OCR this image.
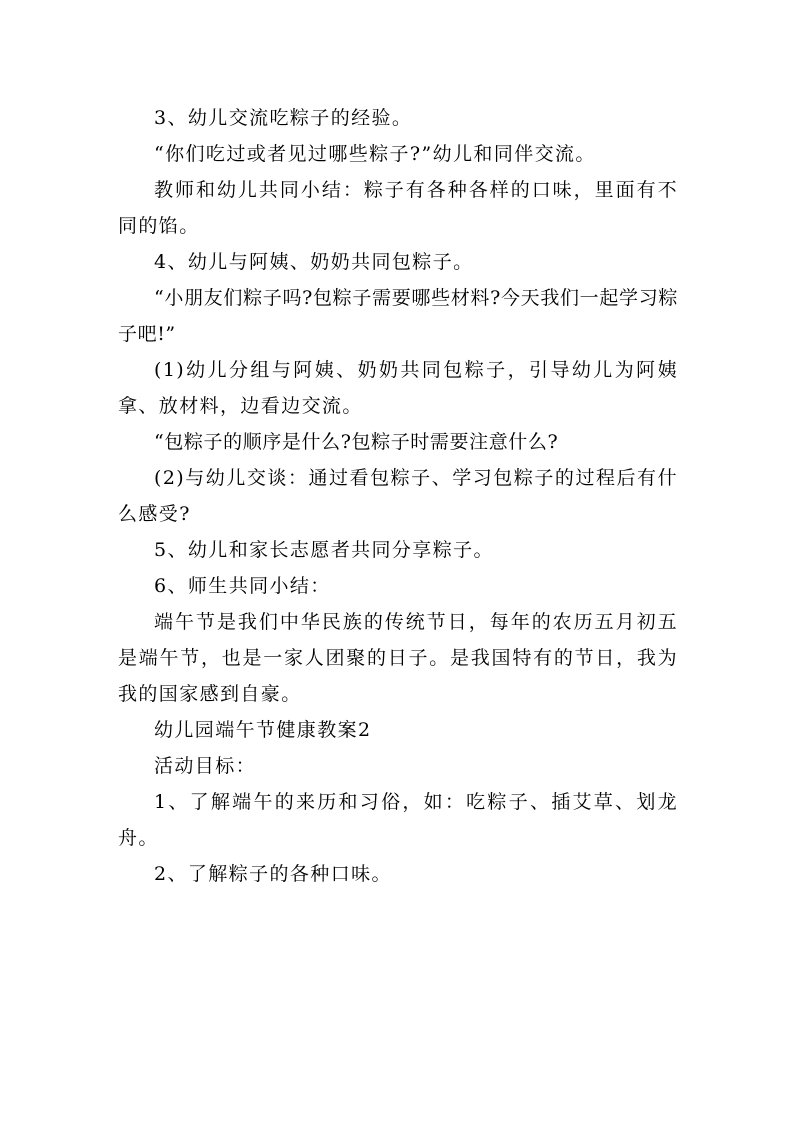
3、幼儿交流吃粽子的经验。

“你们吃过或者见过哪些粽子?”幼儿和同伴交流。

教师和幼儿共同小结：粽子有各种各样的口味，里面有不同的馅。

4、幼儿与阿姨、奶奶共同包粽子。

“小朋友们粽子吗?包粽子需要哪些材料?今天我们一起学习粽子吧!”

(1)幼儿分组与阿姨、奶奶共同包粽子，引导幼儿为阿姨拿、放材料，边看边交流。

“包粽子的顺序是什么?包粽子时需要注意什么?

(2)与幼儿交谈：通过看包粽子、学习包粽子的过程后有什么感受?

5、幼儿和家长志愿者共同分享粽子。

6、师生共同小结：

端午节是我们中华民族的传统节日，每年的农历五月初五是端午节，也是一家人团聚的日子。是我国特有的节日，我为我的国家感到自豪。

幼儿园端午节健康教案2

活动目标：

1、了解端午的来历和习俗，如：吃粽子、插艾草、划龙舟。

2、了解粽子的各种口味。
